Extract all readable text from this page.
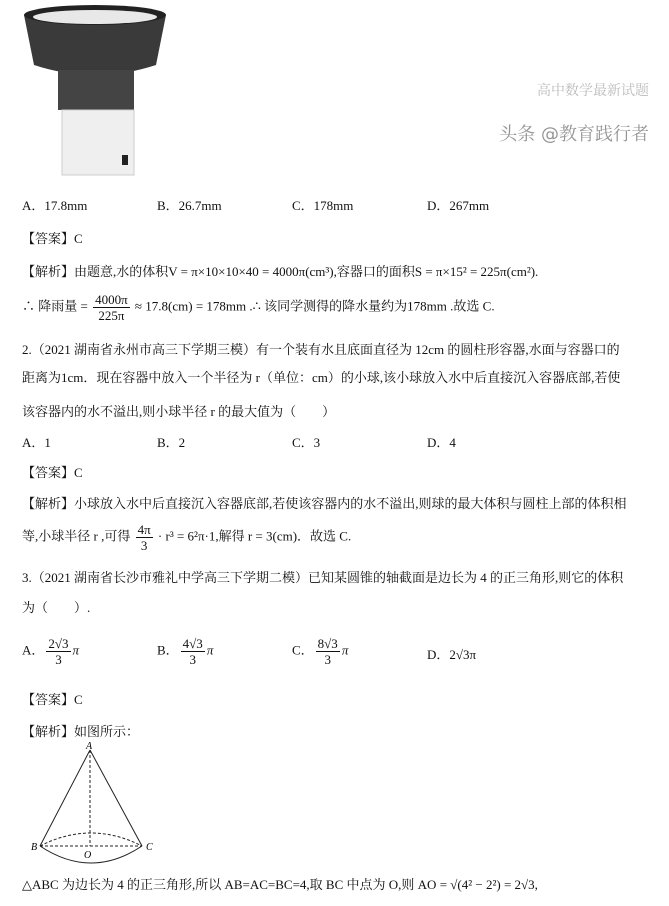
高中数学最新试题
头条 @教育践行者
A．17.8mm	B．26.7mm	C．178mm	D．267mm
【答案】C
【解析】由题意,水的体积V = π×10×10×40 = 4000π(cm³),容器口的面积S = π×15² = 225π(cm²).
∴ 降雨量 = $\frac{4000\pi}{225\pi} \approx 17.8(cm) = 178mm$ .∴ 该同学测得的降水量约为178mm .故选 C.
2.（2021 湖南省永州市高三下学期三模）有一个装有水且底面直径为 12cm 的圆柱形容器,水面与容器口的
距离为1cm．现在容器中放入一个半径为 r（单位：cm）的小球,该小球放入水中后直接沉入容器底部,若使
该容器内的水不溢出,则小球半径 r 的最大值为（　　）
A．1	B．2	C．3	D．4
【答案】C
【解析】小球放入水中后直接沉入容器底部,若使该容器内的水不溢出,则球的最大体积与圆柱上部的体积相
等,小球半径 r ,可得 $\frac{4\pi}{3} \cdot r^3 = 6^2\pi\cdot 1$,解得 r = 3(cm)．故选 C.
3.（2021 湖南省长沙市雅礼中学高三下学期二模）已知某圆锥的轴截面是边长为 4 的正三角形,则它的体积
为（　　）.
A． $\frac{2√3}{3}$ π	B． $\frac{4√3}{3}$ π	C． $\frac{8√3}{3}$ π	D．2√3π
【答案】C
【解析】如图所示：
A
B	C
O
△ABC 为边长为 4 的正三角形,所以 AB=AC=BC=4,取 BC 中点为 O,则 AO = √(4² − 2²) = 2√3,
